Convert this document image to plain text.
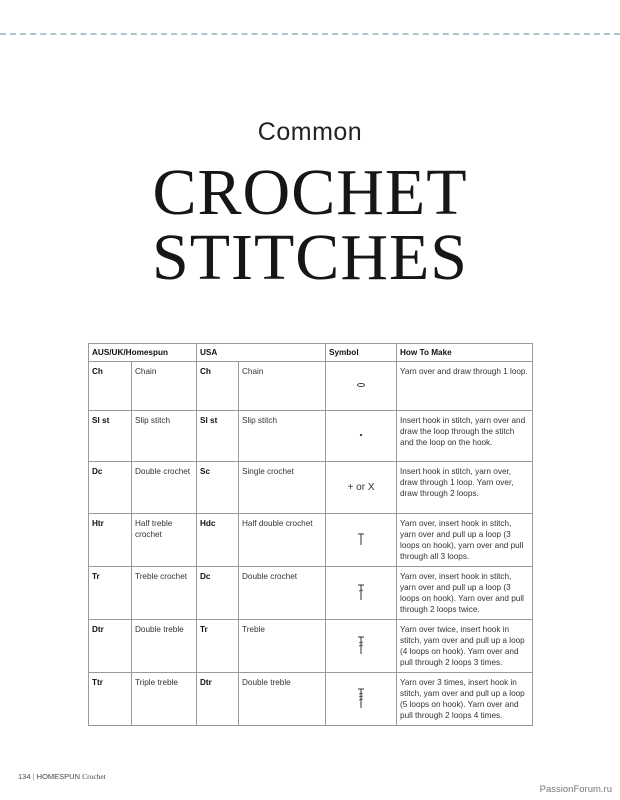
Common
CROCHET
STITCHES
AUS/UK/Homespun		USA		Symbol	How To Make
Ch	Chain	Ch	Chain		Yarn over and draw through 1 loop.
Sl st	Slip stitch	Sl st	Slip stitch		Insert hook in stitch, yarn over and draw the loop through the stitch and the loop on the hook.
Dc	Double crochet	Sc	Single crochet	+ or X	Insert hook in stitch, yarn over, draw through 1 loop. Yarn over, draw through 2 loops.
Htr	Half treble crochet	Hdc	Half double crochet		Yarn over, insert hook in stitch, yarn over and pull up a loop (3 loops on hook), yarn over and pull through all 3 loops.
Tr	Treble crochet	Dc	Double crochet		Yarn over, insert hook in stitch, yarn over and pull up a loop (3 loops on hook). Yarn over and pull through 2 loops twice.
Dtr	Double treble	Tr	Treble		Yarn over twice, insert hook in stitch, yarn over and pull up a loop (4 loops on hook). Yarn over and pull through 2 loops 3 times.
Ttr	Triple treble	Dtr	Double treble		Yarn over 3 times, insert hook in stitch, yarn over and pull up a loop (5 loops on hook). Yarn over and pull through 2 loops 4 times.
134 | HOMESPUN Crochet
PassionForum.ru
